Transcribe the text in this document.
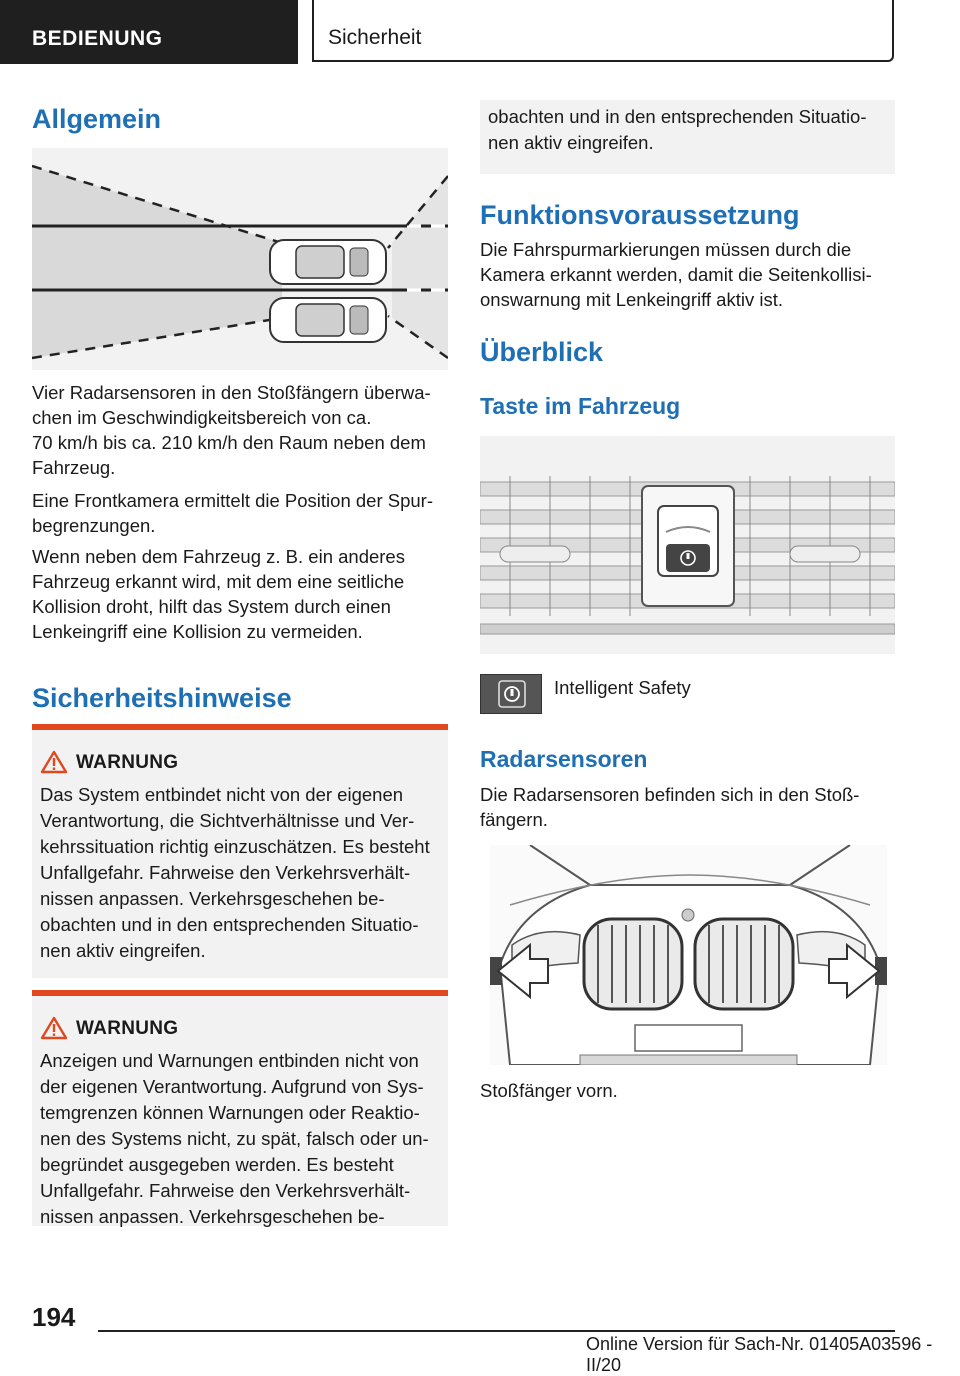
BEDIENUNG	Sicherheit
Allgemein

Vier Radarsensoren in den Stoßfängern überwa-
chen im Geschwindigkeitsbereich von ca.
70 km/h bis ca. 210 km/h den Raum neben dem
Fahrzeug.

Eine Frontkamera ermittelt die Position der Spur-
begrenzungen.

Wenn neben dem Fahrzeug z. B. ein anderes
Fahrzeug erkannt wird, mit dem eine seitliche
Kollision droht, hilft das System durch einen
Lenkeingriff eine Kollision zu vermeiden.

Sicherheitshinweise
WARNUNG
Das System entbindet nicht von der eigenen
Verantwortung, die Sichtverhältnisse und Ver-
kehrssituation richtig einzuschätzen. Es besteht
Unfallgefahr. Fahrweise den Verkehrsverhält-
nissen anpassen. Verkehrsgeschehen be-
obachten und in den entsprechenden Situatio-
nen aktiv eingreifen.
WARNUNG
Anzeigen und Warnungen entbinden nicht von
der eigenen Verantwortung. Aufgrund von Sys-
temgrenzen können Warnungen oder Reaktio-
nen des Systems nicht, zu spät, falsch oder un-
begründet ausgegeben werden. Es besteht
Unfallgefahr. Fahrweise den Verkehrsverhält-
nissen anpassen. Verkehrsgeschehen be-
obachten und in den entsprechenden Situatio-
nen aktiv eingreifen.
Funktionsvoraussetzung

Die Fahrspurmarkierungen müssen durch die
Kamera erkannt werden, damit die Seitenkollisi-
onswarnung mit Lenkeingriff aktiv ist.

Überblick
Taste im Fahrzeug

Intelligent Safety

Radarsensoren

Die Radarsensoren befinden sich in den Stoß-
fängern.

Stoßfänger vorn.

194
Online Version für Sach-Nr. 01405A03596 - II/20
